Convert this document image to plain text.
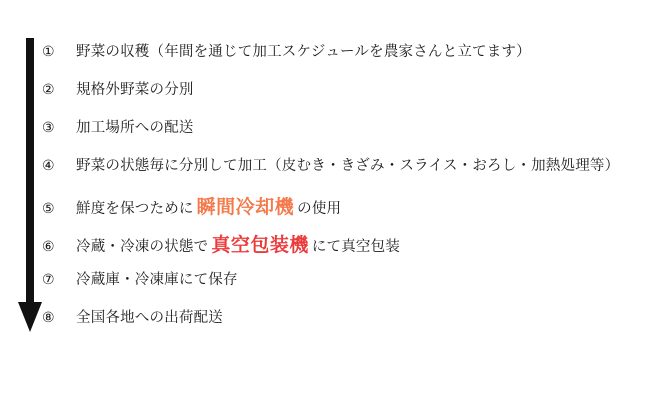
①	野菜の収穫（年間を通じて加工スケジュールを農家さんと立てます）
②	規格外野菜の分別
③	加工場所への配送
④	野菜の状態毎に分別して加工（皮むき・きざみ・スライス・おろし・加熱処理等）
⑤	鮮度を保つために 瞬間冷却機 の使用
⑥	冷蔵・冷凍の状態で 真空包装機 にて真空包装
⑦	冷蔵庫・冷凍庫にて保存
⑧	全国各地への出荷配送
